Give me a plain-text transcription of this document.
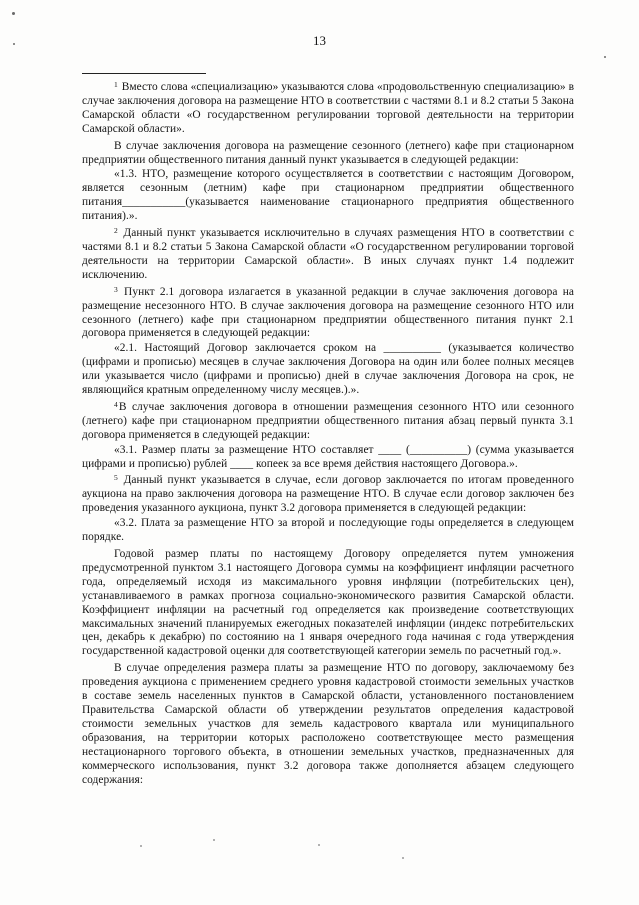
13

$^1$ Вместо слова «специализацию» указываются слова «продовольственную специализацию» в случае заключения договора на размещение НТО в соответствии с частями 8.1 и 8.2 статьи 5 Закона Самарской области «О государственном регулировании торговой деятельности на территории Самарской области».

В случае заключения договора на размещение сезонного (летнего) кафе при стационарном предприятии общественного питания данный пункт указывается в следующей редакции:

«1.3. НТО, размещение которого осуществляется в соответствии с настоящим Договором, является сезонным (летним) кафе при стационарном предприятии общественного питания___________(указывается наименование стационарного предприятия общественного питания).».

$^2$ Данный пункт указывается исключительно в случаях размещения НТО в соответствии с частями 8.1 и 8.2 статьи 5 Закона Самарской области «О государственном регулировании торговой деятельности на территории Самарской области». В иных случаях пункт 1.4 подлежит исключению.

$^3$ Пункт 2.1 договора излагается в указанной редакции в случае заключения договора на размещение несезонного НТО. В случае заключения договора на размещение сезонного НТО или сезонного (летнего) кафе при стационарном предприятии общественного питания пункт 2.1 договора применяется в следующей редакции:

«2.1. Настоящий Договор заключается сроком на __________ (указывается количество (цифрами и прописью) месяцев в случае заключения Договора на один или более полных месяцев или указывается число (цифрами и прописью) дней в случае заключения Договора на срок, не являющийся кратным определенному числу месяцев.).».

$^4$В случае заключения договора в отношении размещения сезонного НТО или сезонного (летнего) кафе при стационарном предприятии общественного питания абзац первый пункта 3.1 договора применяется в следующей редакции:

«3.1. Размер платы за размещение НТО составляет ____ (__________) (сумма указывается цифрами и прописью) рублей ____ копеек за все время действия настоящего Договора.».

$^5$ Данный пункт указывается в случае, если договор заключается по итогам проведенного аукциона на право заключения договора на размещение НТО. В случае если договор заключен без проведения указанного аукциона, пункт 3.2 договора применяется в следующей редакции:

«3.2. Плата за размещение НТО за второй и последующие годы определяется в следующем порядке.

Годовой размер платы по настоящему Договору определяется путем умножения предусмотренной пунктом 3.1 настоящего Договора суммы на коэффициент инфляции расчетного года, определяемый исходя из максимального уровня инфляции (потребительских цен), устанавливаемого в рамках прогноза социально-экономического развития Самарской области. Коэффициент инфляции на расчетный год определяется как произведение соответствующих максимальных значений планируемых ежегодных показателей инфляции (индекс потребительских цен, декабрь к декабрю) по состоянию на 1 января очередного года начиная с года утверждения государственной кадастровой оценки для соответствующей категории земель по расчетный год.».

В случае определения размера платы за размещение НТО по договору, заключаемому без проведения аукциона с применением среднего уровня кадастровой стоимости земельных участков в составе земель населенных пунктов в Самарской области, установленного постановлением Правительства Самарской области об утверждении результатов определения кадастровой стоимости земельных участков для земель кадастрового квартала или муниципального образования, на территории которых расположено соответствующее место размещения нестационарного торгового объекта, в отношении земельных участков, предназначенных для коммерческого использования, пункт 3.2 договора также дополняется абзацем следующего содержания:
